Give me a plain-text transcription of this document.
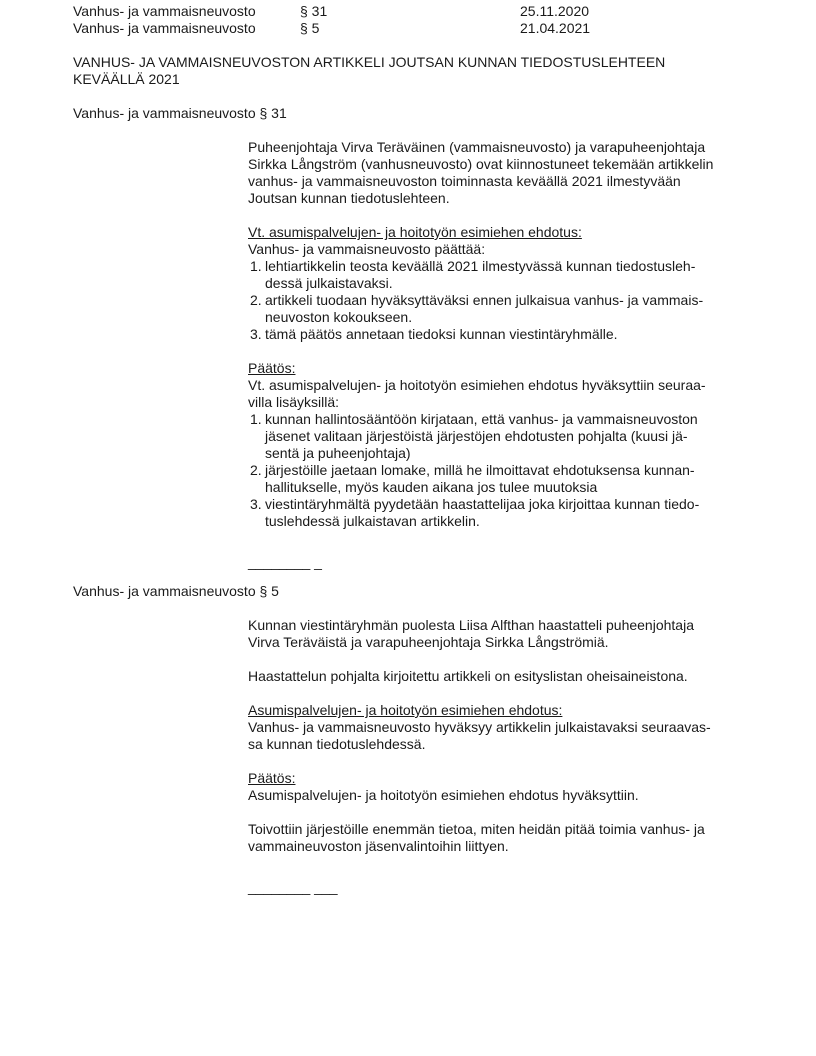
Vanhus- ja vammaisneuvosto	§ 31	25.11.2020
Vanhus- ja vammaisneuvosto	§ 5	21.04.2021
VANHUS- JA VAMMAISNEUVOSTON ARTIKKELI JOUTSAN KUNNAN TIEDOSTUSLEHTEEN
KEVÄÄLLÄ 2021
Vanhus- ja vammaisneuvosto § 31
Puheenjohtaja Virva Teräväinen (vammaisneuvosto) ja varapuheenjohtaja
Sirkka Långström (vanhusneuvosto) ovat kiinnostuneet tekemään artikkelin
vanhus- ja vammaisneuvoston toiminnasta keväällä 2021 ilmestyvään
Joutsan kunnan tiedotuslehteen.
Vt. asumispalvelujen- ja hoitotyön esimiehen ehdotus:
Vanhus- ja vammaisneuvosto päättää:
1. lehtiartikkelin teosta keväällä 2021 ilmestyvässä kunnan tiedostusleh-
dessä julkaistavaksi.
2. artikkeli tuodaan hyväksyttäväksi ennen julkaisua vanhus- ja vammais-
neuvoston kokoukseen.
3. tämä päätös annetaan tiedoksi kunnan viestintäryhmälle.
Päätös:
Vt. asumispalvelujen- ja hoitotyön esimiehen ehdotus hyväksyttiin seuraa-
villa lisäyksillä:
1. kunnan hallintosääntöön kirjataan, että vanhus- ja vammaisneuvoston
jäsenet valitaan järjestöistä järjestöjen ehdotusten pohjalta (kuusi jä-
sentä ja puheenjohtaja)
2. järjestöille jaetaan lomake, millä he ilmoittavat ehdotuksensa kunnan-
hallitukselle, myös kauden aikana jos tulee muutoksia
3. viestintäryhmältä pyydetään haastattelijaa joka kirjoittaa kunnan tiedo-
tuslehdessä julkaistavan artikkelin.
________ _
Vanhus- ja vammaisneuvosto § 5
Kunnan viestintäryhmän puolesta Liisa Alfthan haastatteli puheenjohtaja
Virva Teräväistä ja varapuheenjohtaja Sirkka Långströmiä.
Haastattelun pohjalta kirjoitettu artikkeli on esityslistan oheisaineistona.
Asumispalvelujen- ja hoitotyön esimiehen ehdotus:
Vanhus- ja vammaisneuvosto hyväksyy artikkelin julkaistavaksi seuraavas-
sa kunnan tiedotuslehdessä.
Päätös:
Asumispalvelujen- ja hoitotyön esimiehen ehdotus hyväksyttiin.
Toivottiin järjestöille enemmän tietoa, miten heidän pitää toimia vanhus- ja
vammaineuvoston jäsenvalintoihin liittyen.
________ ___
